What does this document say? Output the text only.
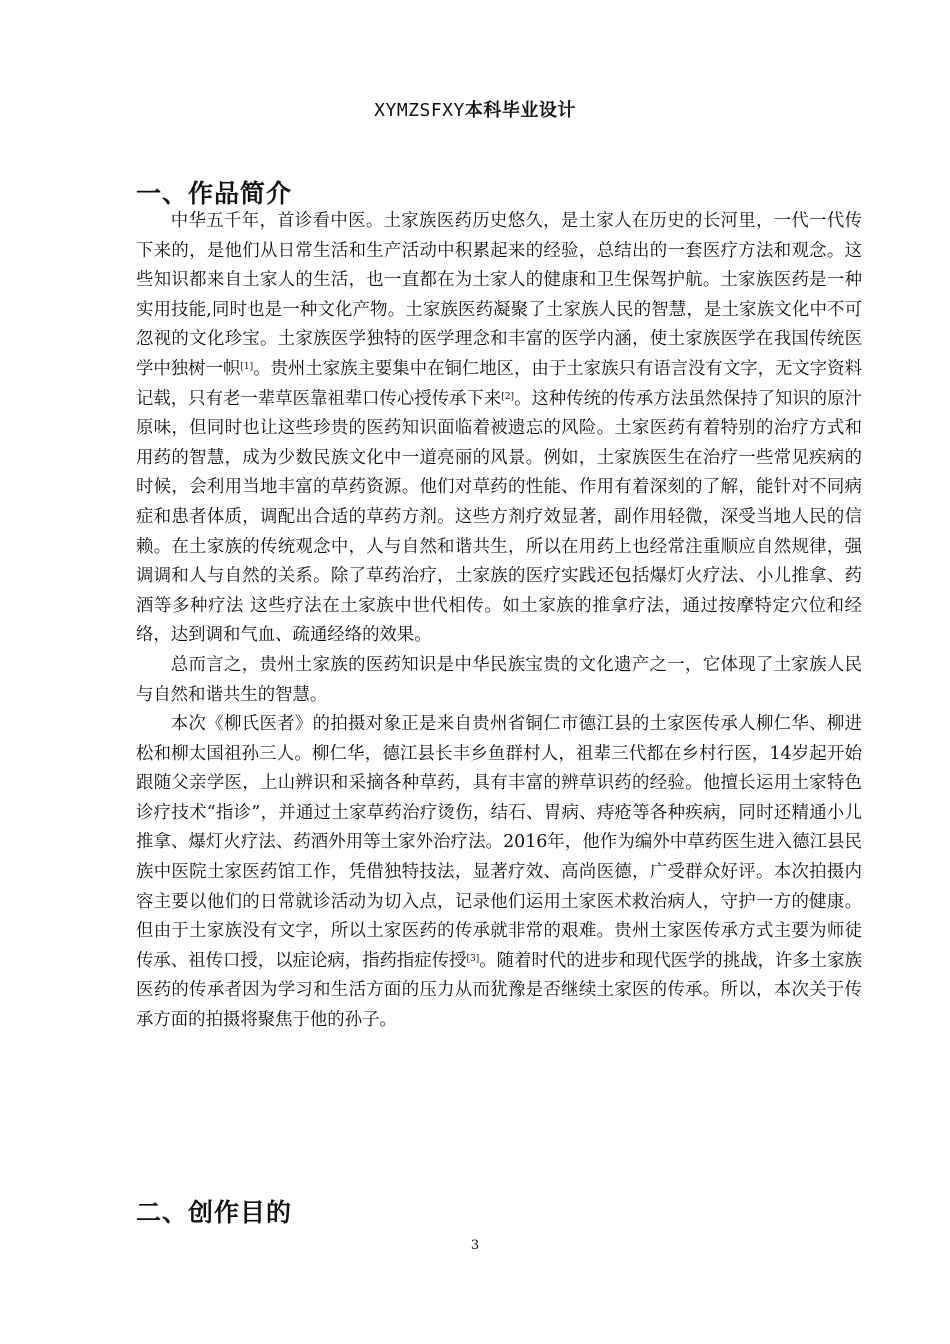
XYMZSFXY本科毕业设计
一、作品简介

中华五千年，首诊看中医。土家族医药历史悠久，是土家人在历史的长河里，一代一代传下来的，是他们从日常生活和生产活动中积累起来的经验，总结出的一套医疗方法和观念。这些知识都来自土家人的生活，也一直都在为土家人的健康和卫生保驾护航。土家族医药是一种实用技能,同时也是一种文化产物。土家族医药凝聚了土家族人民的智慧，是土家族文化中不可忽视的文化珍宝。土家族医学独特的医学理念和丰富的医学内涵，使土家族医学在我国传统医学中独树一帜[1]。贵州土家族主要集中在铜仁地区，由于土家族只有语言没有文字，无文字资料记载，只有老一辈草医靠祖辈口传心授传承下来[2]。这种传统的传承方法虽然保持了知识的原汁原味，但同时也让这些珍贵的医药知识面临着被遗忘的风险。土家医药有着特别的治疗方式和用药的智慧，成为少数民族文化中一道亮丽的风景。例如，土家族医生在治疗一些常见疾病的时候，会利用当地丰富的草药资源。他们对草药的性能、作用有着深刻的了解，能针对不同病症和患者体质，调配出合适的草药方剂。这些方剂疗效显著，副作用轻微，深受当地人民的信赖。在土家族的传统观念中，人与自然和谐共生，所以在用药上也经常注重顺应自然规律，强调调和人与自然的关系。除了草药治疗，土家族的医疗实践还包括爆灯火疗法、小儿推拿、药酒等多种疗法 这些疗法在土家族中世代相传。如土家族的推拿疗法，通过按摩特定穴位和经络，达到调和气血、疏通经络的效果。

总而言之，贵州土家族的医药知识是中华民族宝贵的文化遗产之一，它体现了土家族人民与自然和谐共生的智慧。

本次《柳氏医者》的拍摄对象正是来自贵州省铜仁市德江县的土家医传承人柳仁华、柳进松和柳太国祖孙三人。柳仁华，德江县长丰乡鱼群村人，祖辈三代都在乡村行医，14岁起开始跟随父亲学医，上山辨识和采摘各种草药，具有丰富的辨草识药的经验。他擅长运用土家特色诊疗技术“指诊”，并通过土家草药治疗烫伤，结石、胃病、痔疮等各种疾病，同时还精通小儿推拿、爆灯火疗法、药酒外用等土家外治疗法。2016年，他作为编外中草药医生进入德江县民族中医院土家医药馆工作，凭借独特技法，显著疗效、高尚医德，广受群众好评。本次拍摄内容主要以他们的日常就诊活动为切入点，记录他们运用土家医术救治病人，守护一方的健康。但由于土家族没有文字，所以土家医药的传承就非常的艰难。贵州土家医传承方式主要为师徒传承、祖传口授，以症论病，指药指症传授[3]。随着时代的进步和现代医学的挑战，许多土家族医药的传承者因为学习和生活方面的压力从而犹豫是否继续土家医的传承。所以，本次关于传承方面的拍摄将聚焦于他的孙子。

二、创作目的
3
